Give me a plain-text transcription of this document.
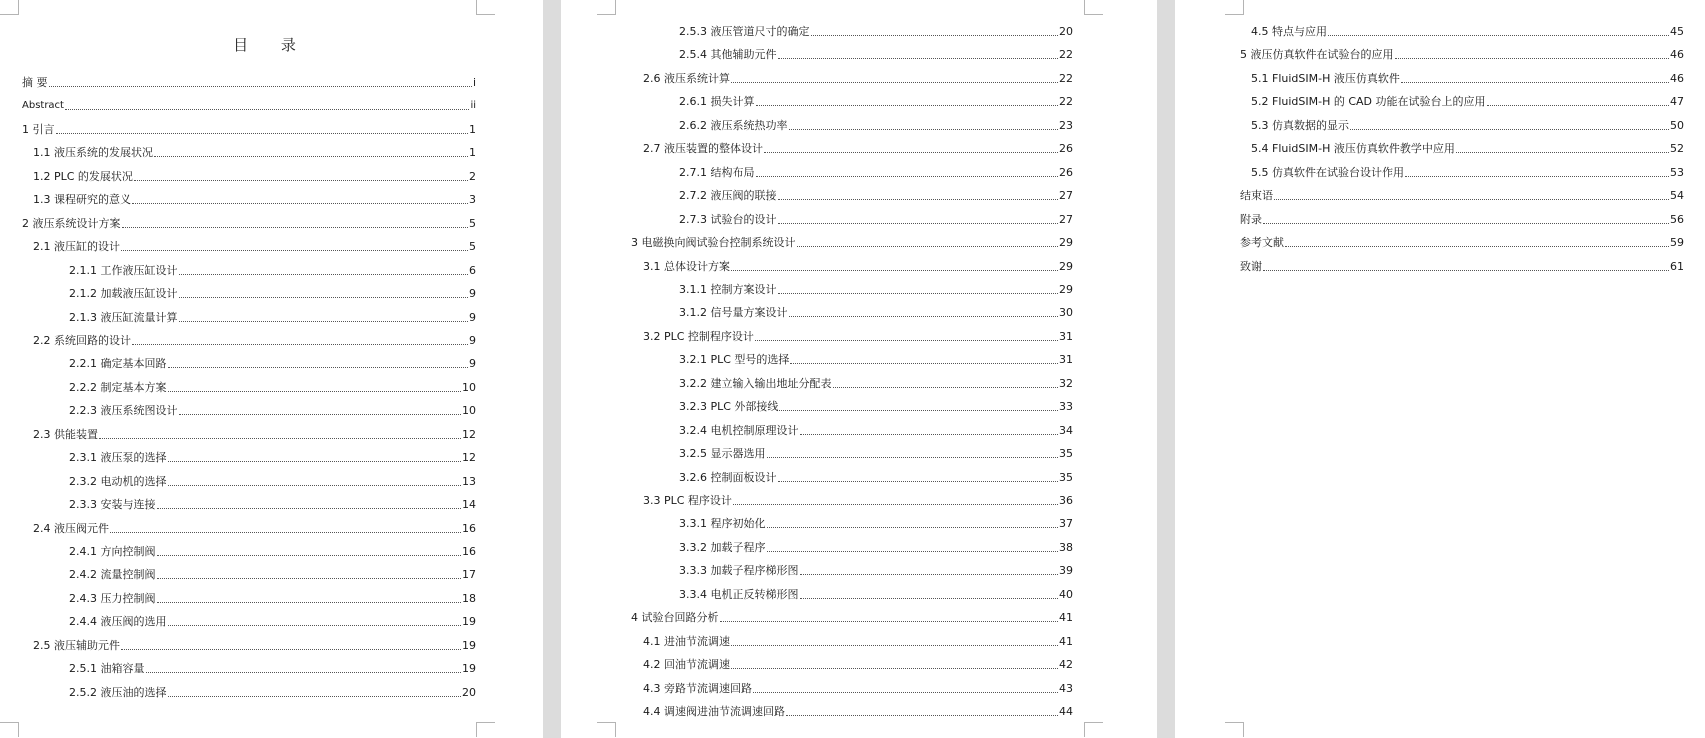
目 录
摘 要	i
Abstract	ii
1 引言	1
1.1 液压系统的发展状况	1
1.2 PLC 的发展状况	2
1.3 课程研究的意义	3
2 液压系统设计方案	5
2.1 液压缸的设计	5
2.1.1 工作液压缸设计	6
2.1.2 加载液压缸设计	9
2.1.3 液压缸流量计算	9
2.2 系统回路的设计	9
2.2.1 确定基本回路	9
2.2.2 制定基本方案	10
2.2.3 液压系统图设计	10
2.3 供能装置	12
2.3.1 液压泵的选择	12
2.3.2 电动机的选择	13
2.3.3 安装与连接	14
2.4 液压阀元件	16
2.4.1 方向控制阀	16
2.4.2 流量控制阀	17
2.4.3 压力控制阀	18
2.4.4 液压阀的选用	19
2.5 液压辅助元件	19
2.5.1 油箱容量	19
2.5.2 液压油的选择	20
2.5.3 液压管道尺寸的确定	20
2.5.4 其他辅助元件	22
2.6 液压系统计算	22
2.6.1 损失计算	22
2.6.2 液压系统热功率	23
2.7 液压装置的整体设计	26
2.7.1 结构布局	26
2.7.2 液压阀的联接	27
2.7.3 试验台的设计	27
3 电磁换向阀试验台控制系统设计	29
3.1 总体设计方案	29
3.1.1 控制方案设计	29
3.1.2 信号量方案设计	30
3.2 PLC 控制程序设计	31
3.2.1 PLC 型号的选择	31
3.2.2 建立输入输出地址分配表	32
3.2.3 PLC 外部接线	33
3.2.4 电机控制原理设计	34
3.2.5 显示器选用	35
3.2.6 控制面板设计	35
3.3 PLC 程序设计	36
3.3.1 程序初始化	37
3.3.2 加载子程序	38
3.3.3 加载子程序梯形图	39
3.3.4 电机正反转梯形图	40
4 试验台回路分析	41
4.1 进油节流调速	41
4.2 回油节流调速	42
4.3 旁路节流调速回路	43
4.4 调速阀进油节流调速回路	44
4.5 特点与应用	45
5 液压仿真软件在试验台的应用	46
5.1 FluidSIM-H 液压仿真软件	46
5.2 FluidSIM-H 的 CAD 功能在试验台上的应用	47
5.3 仿真数据的显示	50
5.4 FluidSIM-H 液压仿真软件教学中应用	52
5.5 仿真软件在试验台设计作用	53
结束语	54
附录	56
参考文献	59
致谢	61
